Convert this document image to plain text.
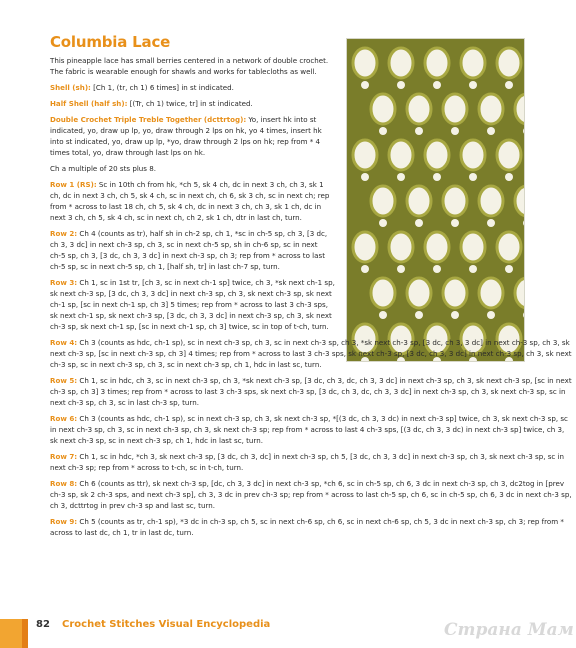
Columbia Lace

This pineapple lace has small berries centered in a network of double crochet. The fabric is wearable enough for shawls and works for tablecloths as well.

Shell (sh): [Ch 1, (tr, ch 1) 6 times] in st indicated.

Half Shell (half sh): [(Tr, ch 1) twice, tr] in st indicated.

Double Crochet Triple Treble Together (dcttrtog): Yo, insert hk into st indicated, yo, draw up lp, yo, draw through 2 lps on hk, yo 4 times, insert hk into st indicated, yo, draw up lp, *yo, draw through 2 lps on hk; rep from * 4 times total, yo, draw through last lps on hk.

Ch a multiple of 20 sts plus 8.

Row 1 (RS): Sc in 10th ch from hk, *ch 5, sk 4 ch, dc in next 3 ch, ch 3, sk 1 ch, dc in next 3 ch, ch 5, sk 4 ch, sc in next ch, ch 6, sk 3 ch, sc in next ch; rep from * across to last 18 ch, ch 5, sk 4 ch, dc in next 3 ch, ch 3, sk 1 ch, dc in next 3 ch, ch 5, sk 4 ch, sc in next ch, ch 2, sk 1 ch, dtr in last ch, turn.

Row 2: Ch 4 (counts as tr), half sh in ch-2 sp, ch 1, *sc in ch-5 sp, ch 3, [3 dc, ch 3, 3 dc] in next ch-3 sp, ch 3, sc in next ch-5 sp, sh in ch-6 sp, sc in next ch-5 sp, ch 3, [3 dc, ch 3, 3 dc] in next ch-3 sp, ch 3; rep from * across to last ch-5 sp, sc in next ch-5 sp, ch 1, [half sh, tr] in last ch-7 sp, turn.

Row 3: Ch 1, sc in 1st tr, [ch 3, sc in next ch-1 sp] twice, ch 3, *sk next ch-1 sp, sk next ch-3 sp, [3 dc, ch 3, 3 dc] in next ch-3 sp, ch 3, sk next ch-3 sp, sk next ch-1 sp, [sc in next ch-1 sp, ch 3] 5 times; rep from * across to last 3 ch-3 sps, sk next ch-1 sp, sk next ch-3 sp, [3 dc, ch 3, 3 dc] in next ch-3 sp, ch 3, sk next ch-3 sp, sk next ch-1 sp, [sc in next ch-1 sp, ch 3] twice, sc in top of t-ch, turn.

Row 4: Ch 3 (counts as hdc, ch-1 sp), sc in next ch-3 sp, ch 3, sc in next ch-3 sp, ch 3, *sk next ch-3 sp, [3 dc, ch 3, 3 dc] in next ch-3 sp, ch 3, sk next ch-3 sp, [sc in next ch-3 sp, ch 3] 4 times; rep from * across to last 3 ch-3 sps, sk next ch-3 sp, [3 dc, ch 3, 3 dc] in next ch-3 sp, ch 3, sk next ch-3 sp, sc in next ch-3 sp, ch 3, sc in next ch-3 sp, ch 1, hdc in last sc, turn.

Row 5: Ch 1, sc in hdc, ch 3, sc in next ch-3 sp, ch 3, *sk next ch-3 sp, [3 dc, ch 3, dc, ch 3, 3 dc] in next ch-3 sp, ch 3, sk next ch-3 sp, [sc in next ch-3 sp, ch 3] 3 times; rep from * across to last 3 ch-3 sps, sk next ch-3 sp, [3 dc, ch 3, dc, ch 3, 3 dc] in next ch-3 sp, ch 3, sk next ch-3 sp, sc in next ch-3 sp, ch 3, sc in last ch-3 sp, turn.

Row 6: Ch 3 (counts as hdc, ch-1 sp), sc in next ch-3 sp, ch 3, sk next ch-3 sp, *[(3 dc, ch 3, 3 dc) in next ch-3 sp] twice, ch 3, sk next ch-3 sp, sc in next ch-3 sp, ch 3, sc in next ch-3 sp, ch 3, sk next ch-3 sp; rep from * across to last 4 ch-3 sps, [(3 dc, ch 3, 3 dc) in next ch-3 sp] twice, ch 3, sk next ch-3 sp, sc in next ch-3 sp, ch 1, hdc in last sc, turn.

Row 7: Ch 1, sc in hdc, *ch 3, sk next ch-3 sp, [3 dc, ch 3, dc] in next ch-3 sp, ch 5, [3 dc, ch 3, 3 dc] in next ch-3 sp, ch 3, sk next ch-3 sp, sc in next ch-3 sp; rep from * across to t-ch, sc in t-ch, turn.

Row 8: Ch 6 (counts as ttr), sk next ch-3 sp, [dc, ch 3, 3 dc] in next ch-3 sp, *ch 6, sc in ch-5 sp, ch 6, 3 dc in next ch-3 sp, ch 3, dc2tog in [prev ch-3 sp, sk 2 ch-3 sps, and next ch-3 sp], ch 3, 3 dc in prev ch-3 sp; rep from * across to last ch-5 sp, ch 6, sc in ch-5 sp, ch 6, 3 dc in next ch-3 sp, ch 3, dcttrtog in prev ch-3 sp and last sc, turn.

Row 9: Ch 5 (counts as tr, ch-1 sp), *3 dc in ch-3 sp, ch 5, sc in next ch-6 sp, ch 6, sc in next ch-6 sp, ch 5, 3 dc in next ch-3 sp, ch 3; rep from * across to last dc, ch 1, tr in last dc, turn.

82 Crochet Stitches Visual Encyclopedia	Страна Мам
